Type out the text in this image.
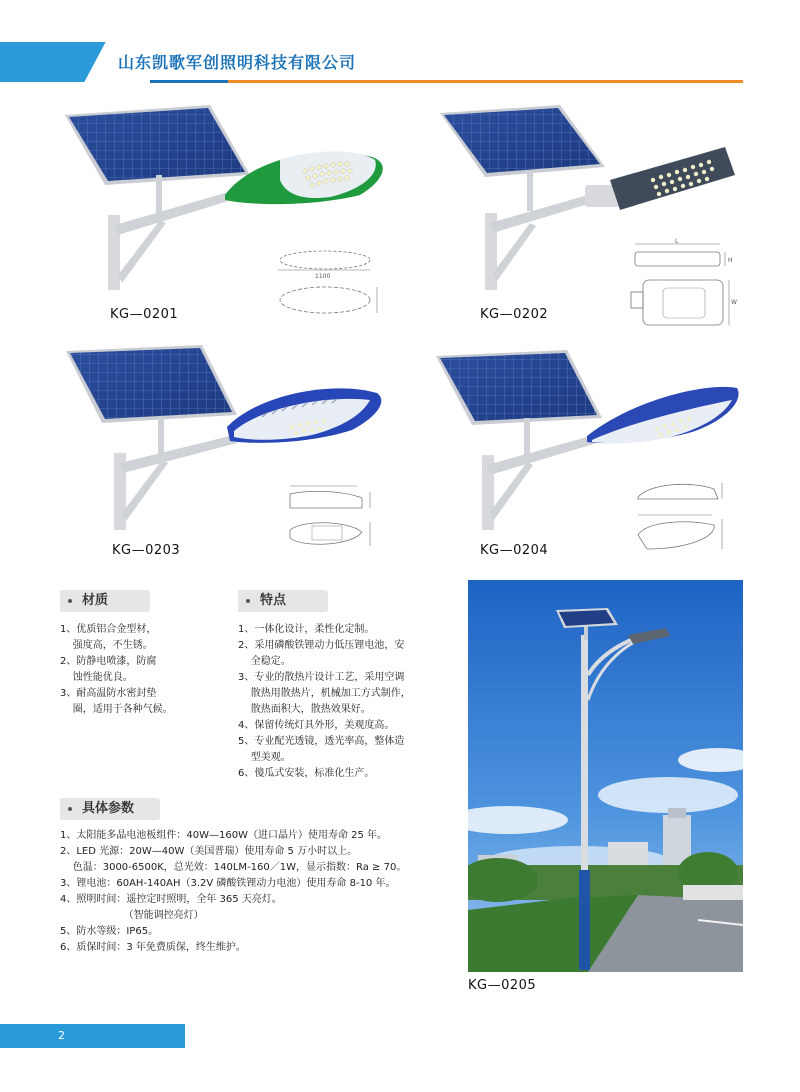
山东凯歌军创照明科技有限公司
1100
KG—0201
L
H
W
KG—0202
KG—0203	KG—0204
材质
1、优质铝合金型材，
强度高，不生锈。
2、防静电喷漆，防腐
蚀性能优良。
3、耐高温防水密封垫
圈，适用于各种气候。
特点
1、一体化设计，柔性化定制。
2、采用磷酸铁锂动力低压锂电池，安
全稳定。
3、专业的散热片设计工艺，采用空调
散热用散热片，机械加工方式制作，
散热面积大，散热效果好。
4、保留传统灯具外形，美观度高。
5、专业配光透镜，透光率高，整体造
型美观。
6、傻瓜式安装，标准化生产。
具体参数
1、太阳能多晶电池板组件：40W—160W（进口晶片）使用寿命 25 年。
2、LED 光源：20W—40W（美国普瑞）使用寿命 5 万小时以上。
色温：3000-6500K，总光效：140LM-160／1W，显示指数：Ra ≥ 70。
3、锂电池：60AH-140AH（3.2V 磷酸铁锂动力电池）使用寿命 8-10 年。
4、照明时间：遥控定时照明，全年 365 天亮灯。
（智能调控亮灯）
5、防水等级：IP65。
6、质保时间：3 年免费质保，终生维护。
KG—0205
2
